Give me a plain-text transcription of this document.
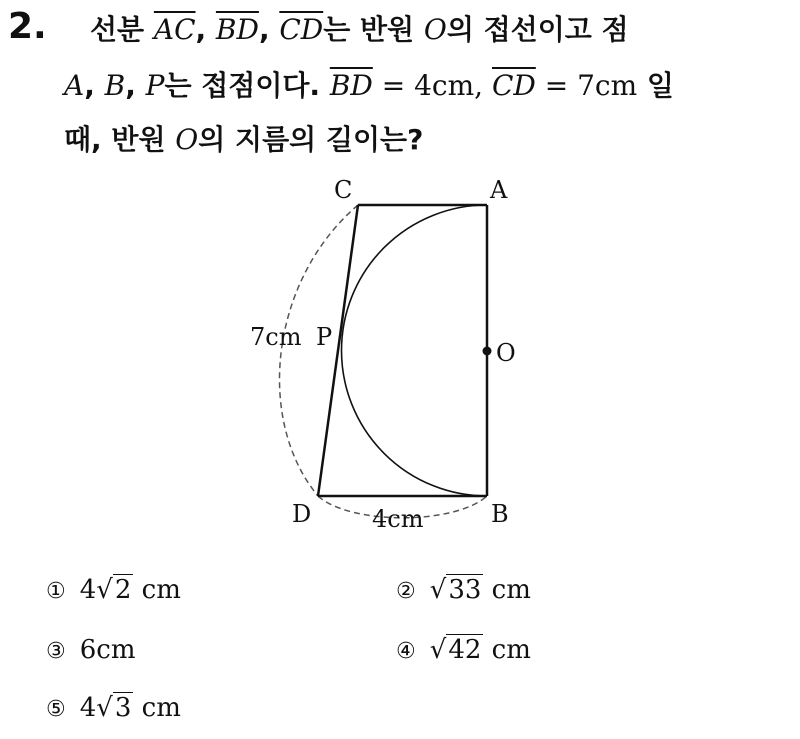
2. 선분 $\overline{AC}$, $\overline{BD}$, $\overline{CD}$는 반원 O의 접선이고 점
A, B, P는 접점이다. $\overline{BD} = 4cm$, $\overline{CD} = 7cm$ 일
때, 반원 O의 지름의 길이는?
C	A
P
O
D	B
7cm
4cm
① 4√2 cm	② √33 cm
③ 6cm	④ √42 cm
⑤ 4√3 cm
